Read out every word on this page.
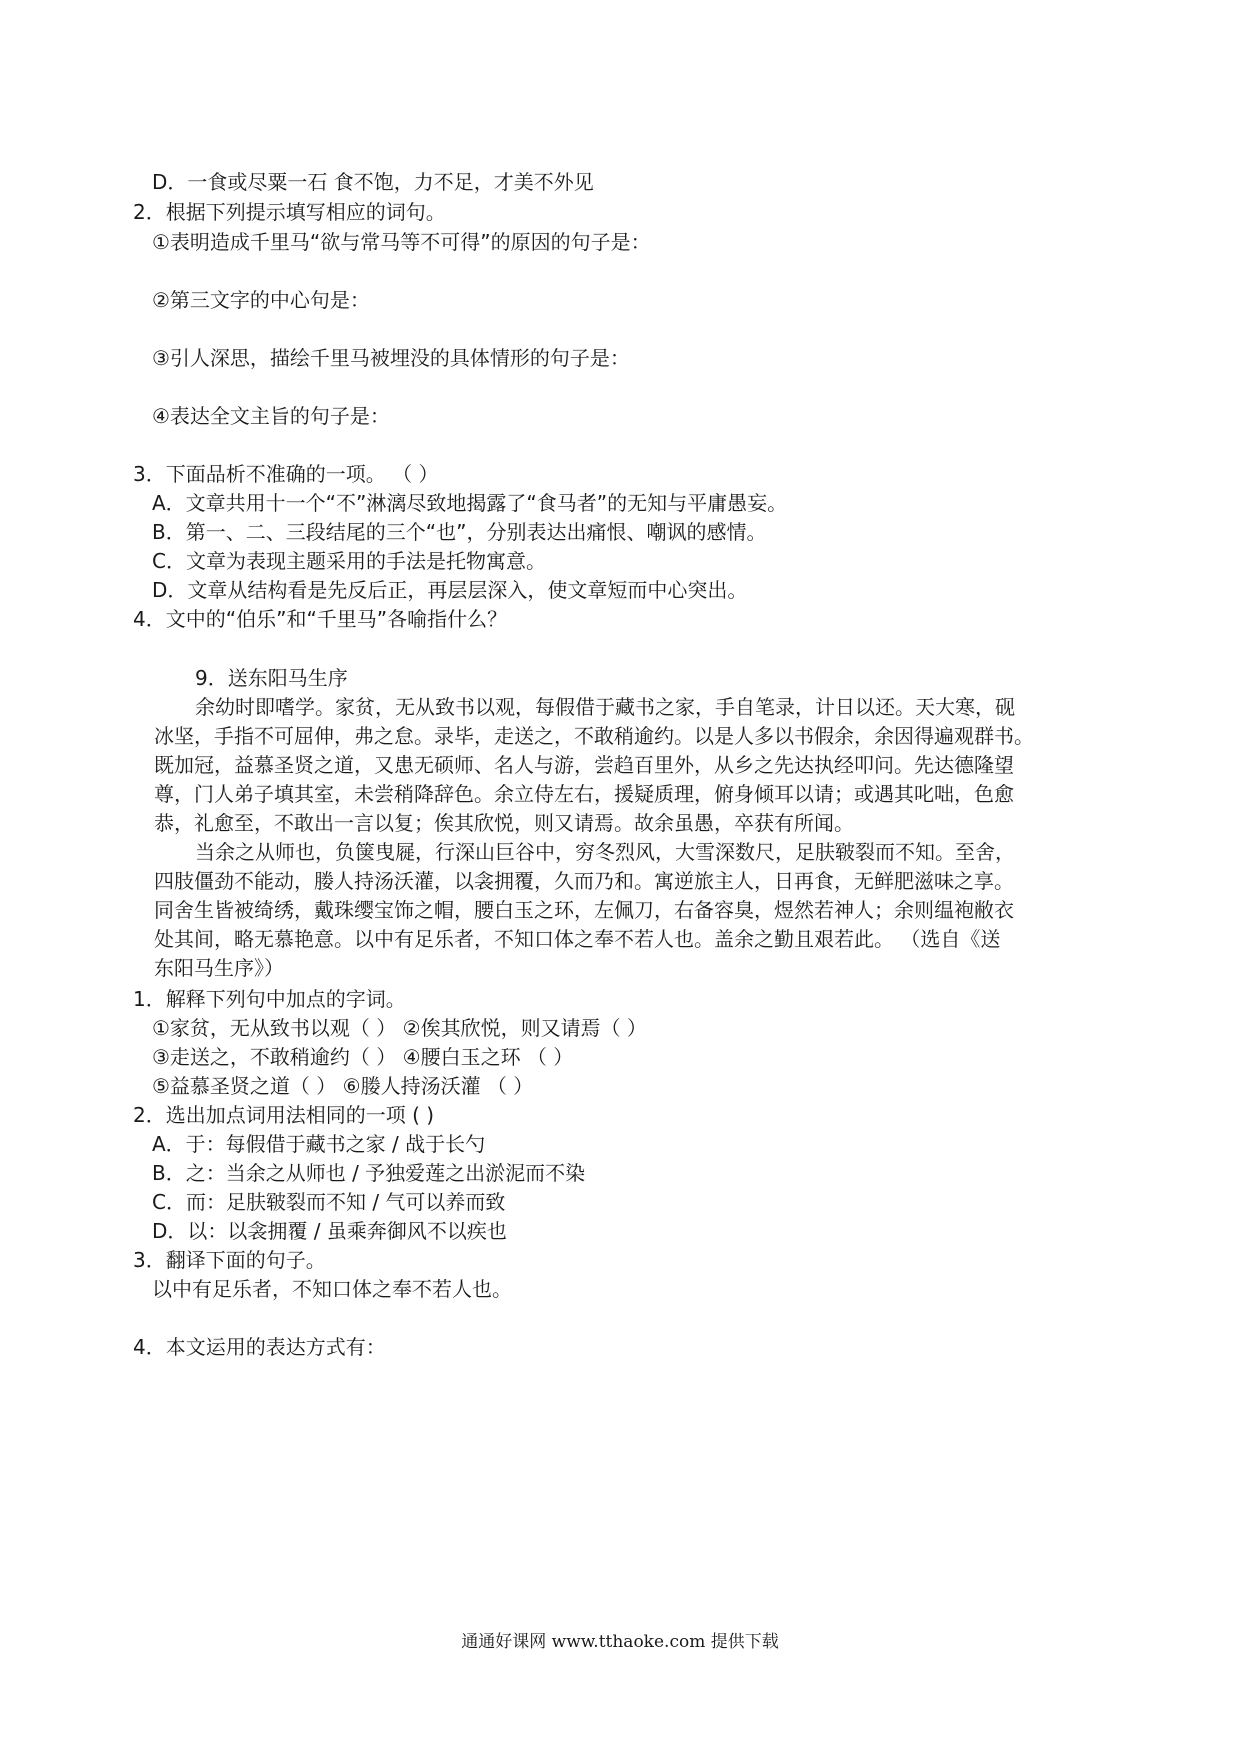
D．一食或尽粟一石 食不饱，力不足，才美不外见
2．根据下列提示填写相应的词句。
①表明造成千里马“欲与常马等不可得”的原因的句子是：
②第三文字的中心句是：
③引人深思，描绘千里马被埋没的具体情形的句子是：
④表达全文主旨的句子是：
3．下面品析不准确的一项。 （ ）
A．文章共用十一个“不”淋漓尽致地揭露了“食马者”的无知与平庸愚妄。
B．第一、二、三段结尾的三个“也”，分别表达出痛恨、嘲讽的感情。
C．文章为表现主题采用的手法是托物寓意。
D．文章从结构看是先反后正，再层层深入，使文章短而中心突出。
4．文中的“伯乐”和“千里马”各喻指什么？
9．送东阳马生序
余幼时即嗜学。家贫，无从致书以观，每假借于藏书之家，手自笔录，计日以还。天大寒，砚
冰坚，手指不可屈伸，弗之怠。录毕，走送之，不敢稍逾约。以是人多以书假余，余因得遍观群书。
既加冠，益慕圣贤之道，又患无硕师、名人与游，尝趋百里外，从乡之先达执经叩问。先达德隆望
尊，门人弟子填其室，未尝稍降辞色。余立侍左右，援疑质理，俯身倾耳以请；或遇其叱咄，色愈
恭，礼愈至，不敢出一言以复；俟其欣悦，则又请焉。故余虽愚，卒获有所闻。
当余之从师也，负箧曳屣，行深山巨谷中，穷冬烈风，大雪深数尺，足肤皲裂而不知。至舍，
四肢僵劲不能动，媵人持汤沃灌，以衾拥覆，久而乃和。寓逆旅主人，日再食，无鲜肥滋味之享。
同舍生皆被绮绣，戴珠缨宝饰之帽，腰白玉之环，左佩刀，右备容臭，煜然若神人；余则缊袍敝衣
处其间，略无慕艳意。以中有足乐者，不知口体之奉不若人也。盖余之勤且艰若此。 （选自《送
东阳马生序》）
1．解释下列句中加点的字词。
①家贫，无从致书以观（ ） ②俟其欣悦，则又请焉（ ）
③走送之，不敢稍逾约（ ） ④腰白玉之环 （ ）
⑤益慕圣贤之道（ ） ⑥媵人持汤沃灌 （ ）
2．选出加点词用法相同的一项 ( )
A．于：每假借于藏书之家 / 战于长勺
B．之：当余之从师也 / 予独爱莲之出淤泥而不染
C．而：足肤皲裂而不知 / 气可以养而致
D．以：以衾拥覆 / 虽乘奔御风不以疾也
3．翻译下面的句子。
以中有足乐者，不知口体之奉不若人也。
4．本文运用的表达方式有：
通通好课网 www.tthaoke.com 提供下载
